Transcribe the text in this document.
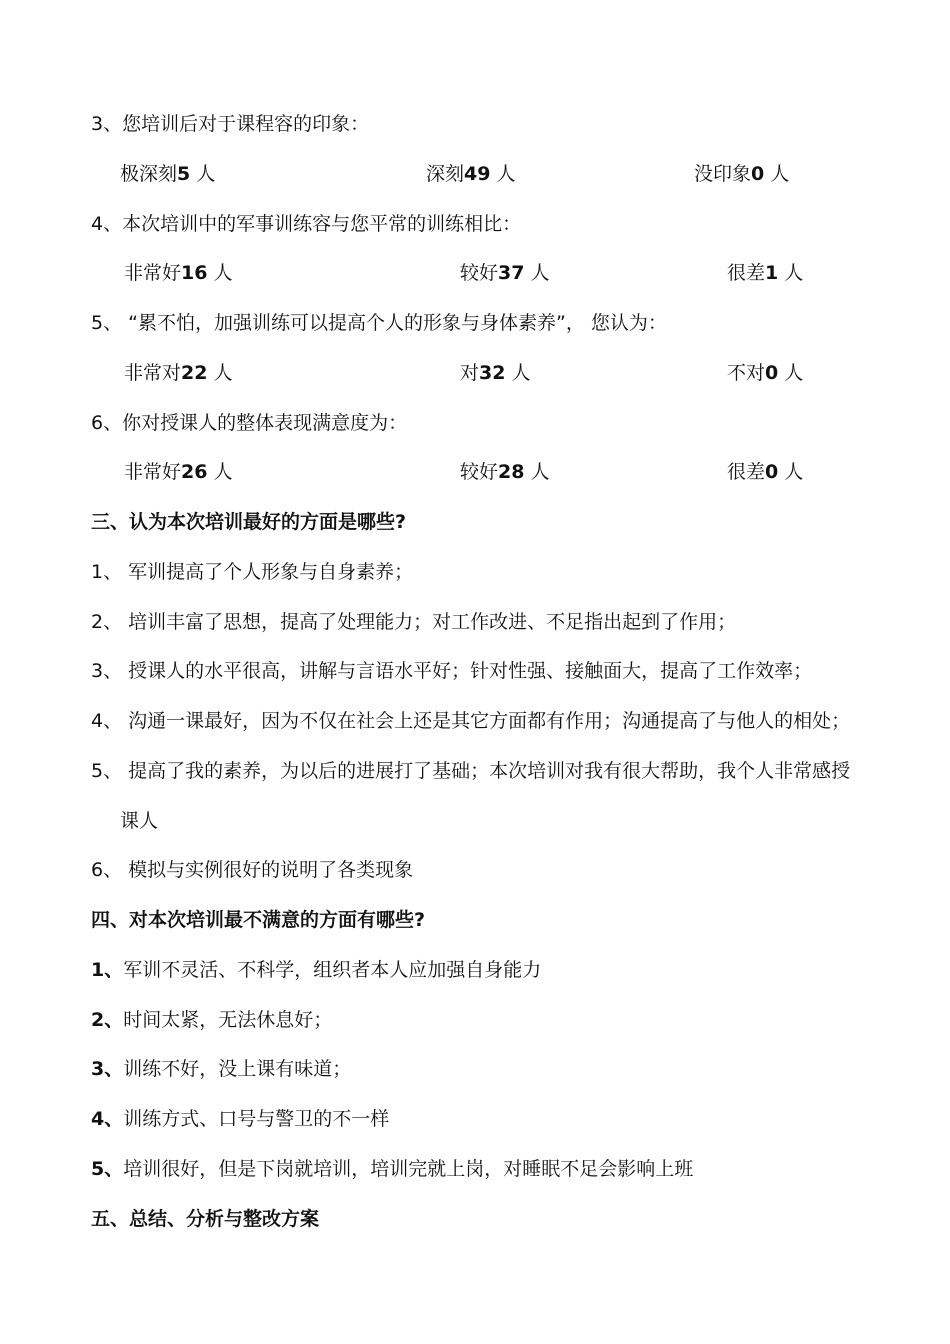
3、您培训后对于课程容的印象：
极深刻5 人	深刻49 人	没印象0 人
4、本次培训中的军事训练容与您平常的训练相比：
非常好16 人	较好37 人	很差1 人
5、 “累不怕，加强训练可以提高个人的形象与身体素养”， 您认为：
非常对22 人	对32 人	不对0 人
6、你对授课人的整体表现满意度为：
非常好26 人	较好28 人	很差0 人
三、认为本次培训最好的方面是哪些?
1、 军训提高了个人形象与自身素养；
2、 培训丰富了思想，提高了处理能力；对工作改进、不足指出起到了作用；
3、 授课人的水平很高，讲解与言语水平好；针对性强、接触面大，提高了工作效率；
4、 沟通一课最好，因为不仅在社会上还是其它方面都有作用；沟通提高了与他人的相处；
5、 提高了我的素养，为以后的进展打了基础；本次培训对我有很大帮助，我个人非常感授
课人
6、 模拟与实例很好的说明了各类现象
四、对本次培训最不满意的方面有哪些?
1、军训不灵活、不科学，组织者本人应加强自身能力
2、时间太紧，无法休息好；
3、训练不好，没上课有味道；
4、训练方式、口号与警卫的不一样
5、培训很好，但是下岗就培训，培训完就上岗，对睡眠不足会影响上班
五、总结、分析与整改方案
